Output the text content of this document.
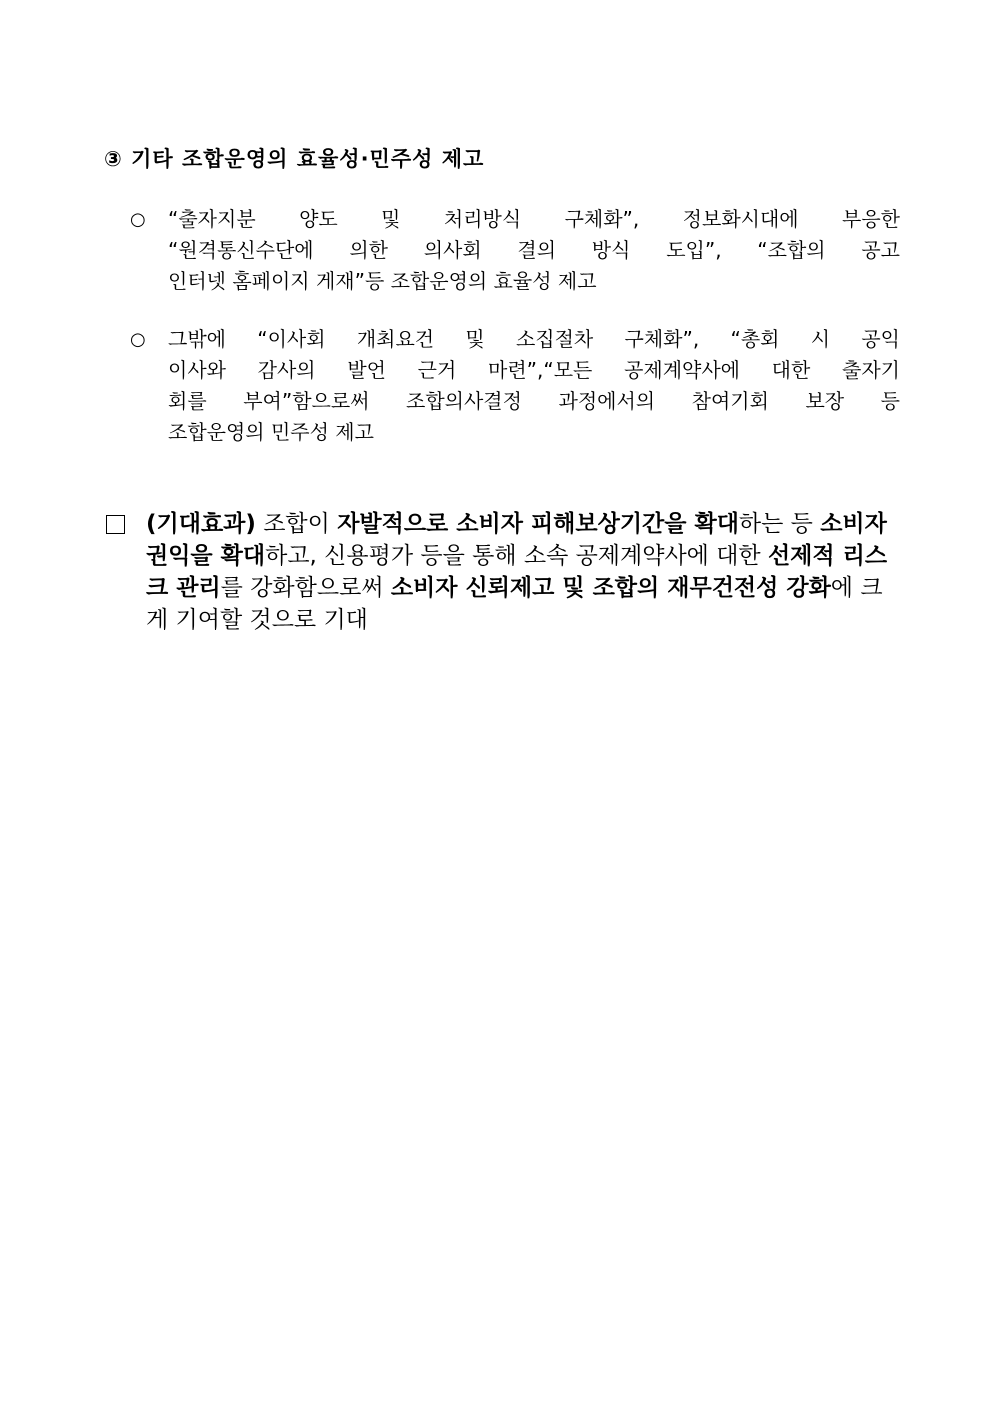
③ 기타 조합운영의 효율성·민주성 제고
○	“출자지분 양도 및 처리방식 구체화”, 정보화시대에 부응한
“원격통신수단에 의한 의사회 결의 방식 도입”, “조합의 공고
인터넷 홈페이지 게재”등 조합운영의 효율성 제고
○	그밖에 “이사회 개최요건 및 소집절차 구체화”, “총회 시 공익
이사와 감사의 발언 근거 마련”,“모든 공제계약사에 대한 출자기
회를 부여”함으로써 조합의사결정 과정에서의 참여기회 보장 등
조합운영의 민주성 제고
(기대효과) 조합이 자발적으로 소비자 피해보상기간을 확대하는 등 소비자 권익을 확대하고, 신용평가 등을 통해 소속 공제계약사에 대한 선제적 리스크 관리를 강화함으로써 소비자 신뢰제고 및 조합의 재무건전성 강화에 크게 기여할 것으로 기대
